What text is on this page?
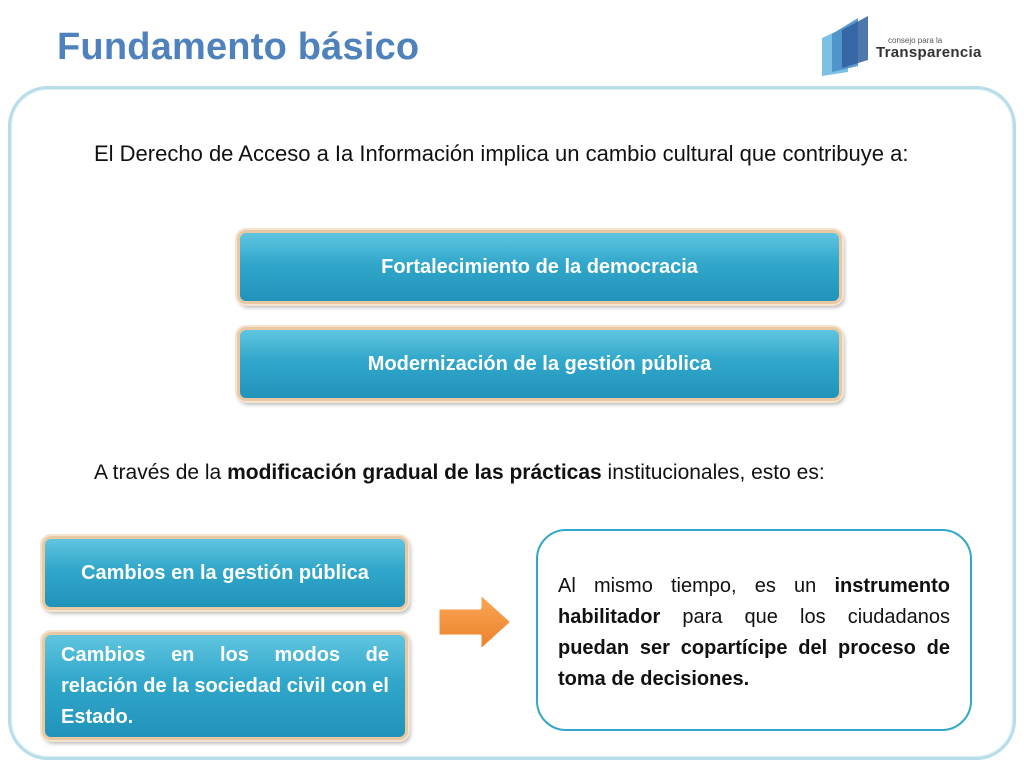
Fundamento básico	consejo para la
Transparencia
El Derecho de Acceso a Ia Información implica un cambio cultural que contribuye a:
Fortalecimiento de la democracia
Modernización de la gestión pública
A través de la modificación gradual de las prácticas institucionales, esto es:
Cambios en la gestión pública
Cambios en los modos de relación de la sociedad civil con el Estado.
Al mismo tiempo, es un instrumento habilitador para que los ciudadanos puedan ser copartícipe del proceso de toma de decisiones.
